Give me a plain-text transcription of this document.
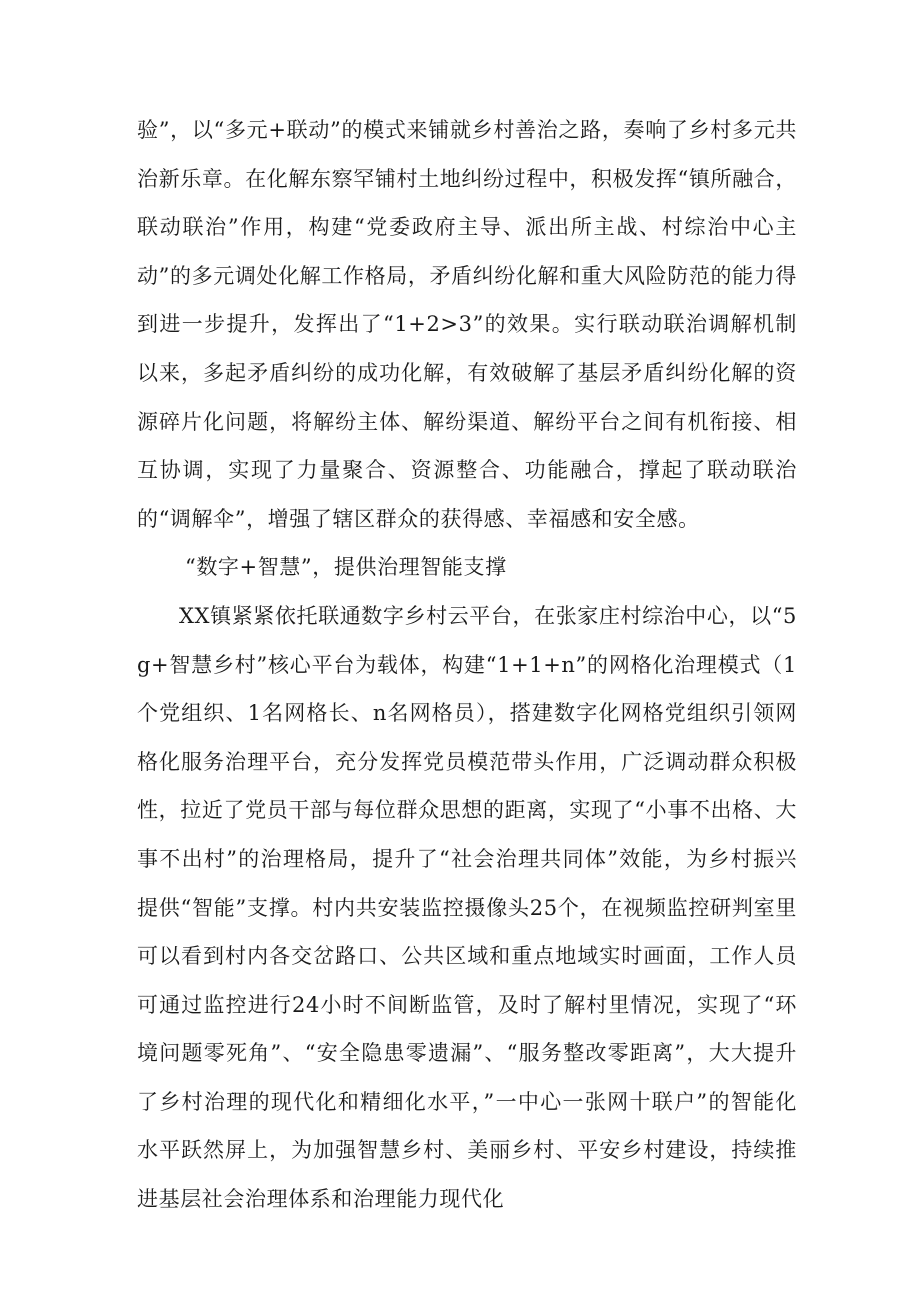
验”，以“多元+联动”的模式来铺就乡村善治之路，奏响了乡村多元共治新乐章。在化解东察罕铺村土地纠纷过程中，积极发挥“镇所融合，联动联治”作用，构建“党委政府主导、派出所主战、村综治中心主动”的多元调处化解工作格局，矛盾纠纷化解和重大风险防范的能力得到进一步提升，发挥出了“1+2>3”的效果。实行联动联治调解机制以来，多起矛盾纠纷的成功化解，有效破解了基层矛盾纠纷化解的资源碎片化问题，将解纷主体、解纷渠道、解纷平台之间有机衔接、相互协调，实现了力量聚合、资源整合、功能融合，撑起了联动联治的“调解伞”，增强了辖区群众的获得感、幸福感和安全感。

“数字+智慧”，提供治理智能支撑

XX镇紧紧依托联通数字乡村云平台，在张家庄村综治中心，以“5g+智慧乡村”核心平台为载体，构建“1+1+n”的网格化治理模式（1个党组织、1名网格长、n名网格员），搭建数字化网格党组织引领网格化服务治理平台，充分发挥党员模范带头作用，广泛调动群众积极性，拉近了党员干部与每位群众思想的距离，实现了“小事不出格、大事不出村”的治理格局，提升了“社会治理共同体”效能，为乡村振兴提供“智能”支撑。村内共安装监控摄像头25个，在视频监控研判室里可以看到村内各交岔路口、公共区域和重点地域实时画面，工作人员可通过监控进行24小时不间断监管，及时了解村里情况，实现了“环境问题零死角”、“安全隐患零遗漏”、“服务整改零距离”，大大提升了乡村治理的现代化和精细化水平，”一中心一张网十联户”的智能化水平跃然屏上，为加强智慧乡村、美丽乡村、平安乡村建设，持续推进基层社会治理体系和治理能力现代化
